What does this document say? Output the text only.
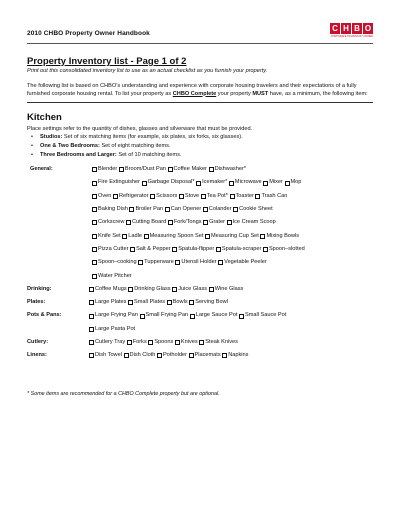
2010 CHBO Property Owner Handbook
C H B O
CORPORATE HOUSING BY OWNER
Property Inventory list - Page 1 of 2
Print out this consolidated inventory list to use as an actual checklist as you furnish your property.
The following list is based on CHBO’s understanding and experience with corporate housing travelers and their expectations of a fully furnished corporate housing rental. To list your property as CHBO Complete your property MUST have, as a minimum, the following item:
Kitchen
Place settings refer to the quantity of dishes, glasses and silverware that must be provided.
• Studios: Set of six matching items (for example, six plates, six forks, six glasses).
• One & Two Bedrooms: Set of eight matching items.
• Three Bedrooms and Larger: Set of 10 matching items.
General:	Blender Broom/Dust Pan Coffee Maker Dishwasher*
Fire Extinguisher Garbage Disposal* Icemaker* Microwave Mixer Mop
Oven Refrigerator Scissors Stove Tea Pot* Toaster Trash Can
Baking Dish Broiler Pan Can Opener Colander Cookie Sheet
Corkscrew Cutting Board Fork/Tongs Grater Ice Cream Scoop
Knife Set Ladle Measuring Spoon Set Measuring Cup Set Mixing Bowls
Pizza Cutter Salt & Pepper Spatula-flipper Spatula-scraper Spoon–slotted
Spoon–cooking Tupperware Utensil Holder Vegetable Peeler
Water Pitcher
Drinking:	Coffee Mugs Drinking Glass Juice Glass Wine Glass
Plates:	Large Plates Small Plates Bowls Serving Bowl
Pots & Pans:	Large Frying Pan Small Frying Pan Large Sauce Pot Small Sauce Pot
Large Pasta Pot
Cutlery:	Cutlery Tray Forks Spoons Knives Steak Knives
Linens:	Dish Towel Dish Cloth Potholder Placemats Napkins
* Some items are recommended for a CHBO Complete property but are optional.
